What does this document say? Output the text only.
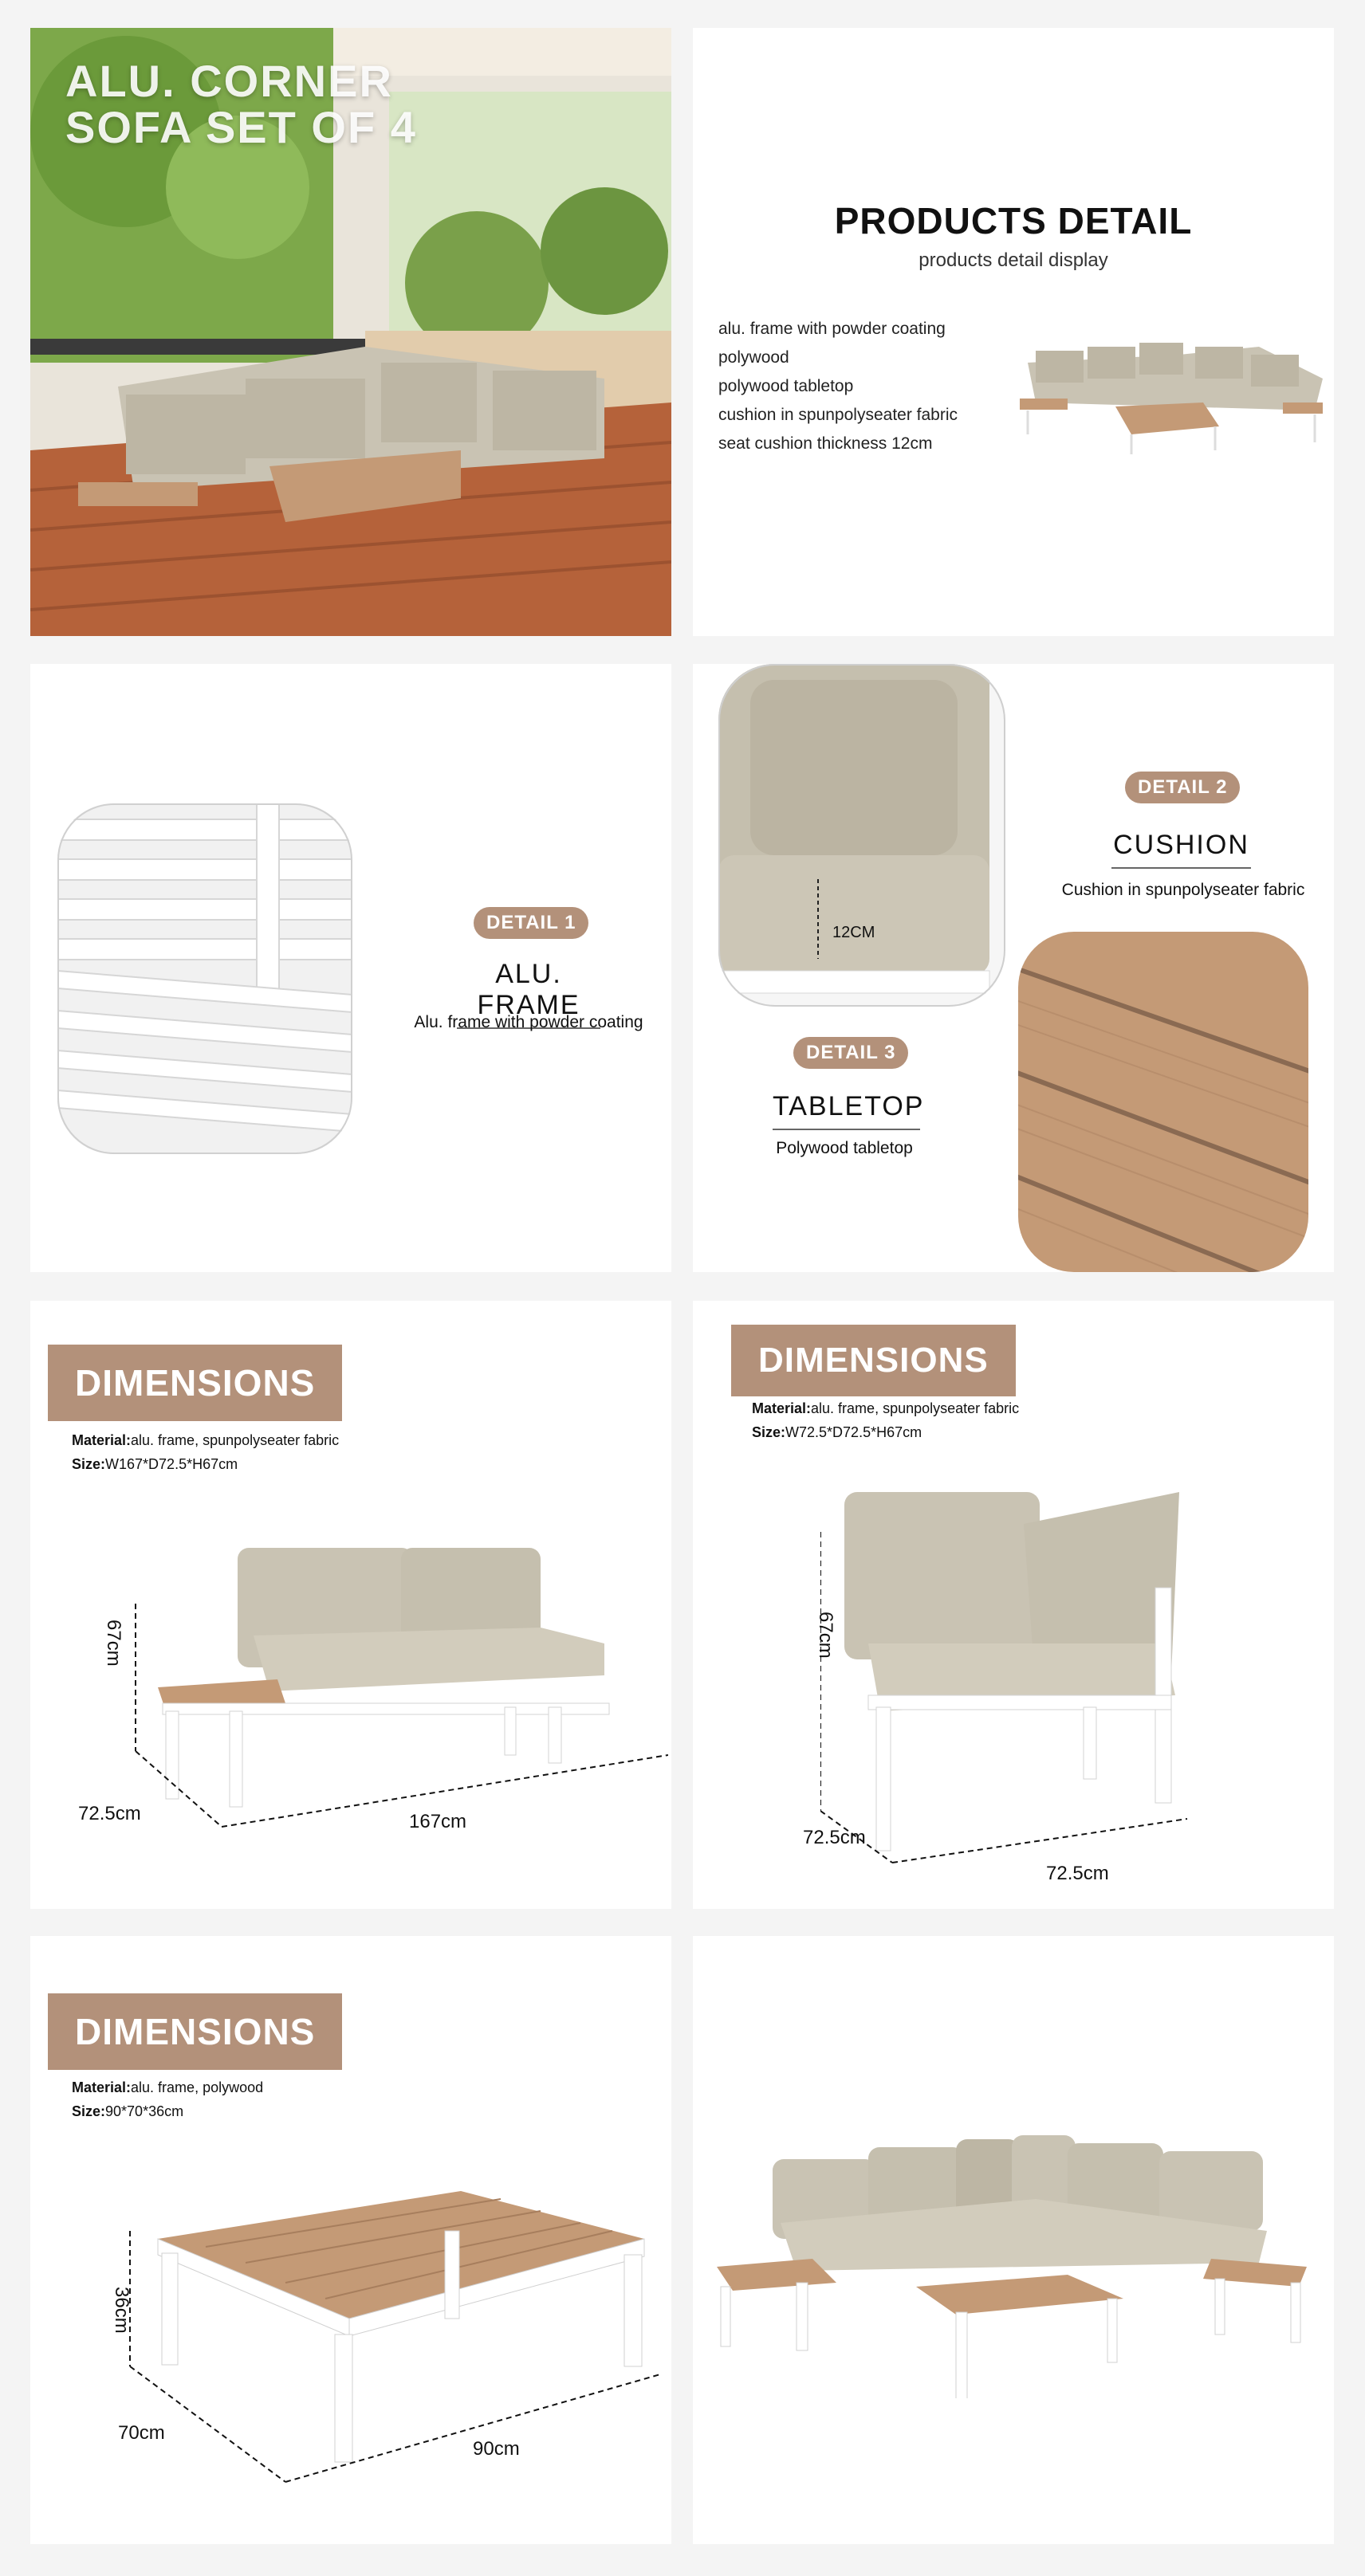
ALU. CORNER
SOFA SET OF 4
PRODUCTS DETAIL
products detail display
alu. frame with powder coating
polywood
polywood tabletop
cushion in spunpolyseater fabric
seat cushion thickness 12cm
DETAIL 1
ALU. FRAME
Alu. frame with powder coating
12CM
DETAIL 2
CUSHION
Cushion in spunpolyseater fabric
DETAIL 3
TABLETOP
Polywood tabletop
DIMENSIONS
Material:alu. frame, spunpolyseater fabric
Size:W167*D72.5*H67cm
67cm
72.5cm	167cm
DIMENSIONS
Material:alu. frame, spunpolyseater fabric
Size:W72.5*D72.5*H67cm
67cm
72.5cm
72.5cm
DIMENSIONS
Material:alu. frame, polywood
Size:90*70*36cm
36cm
70cm
90cm
